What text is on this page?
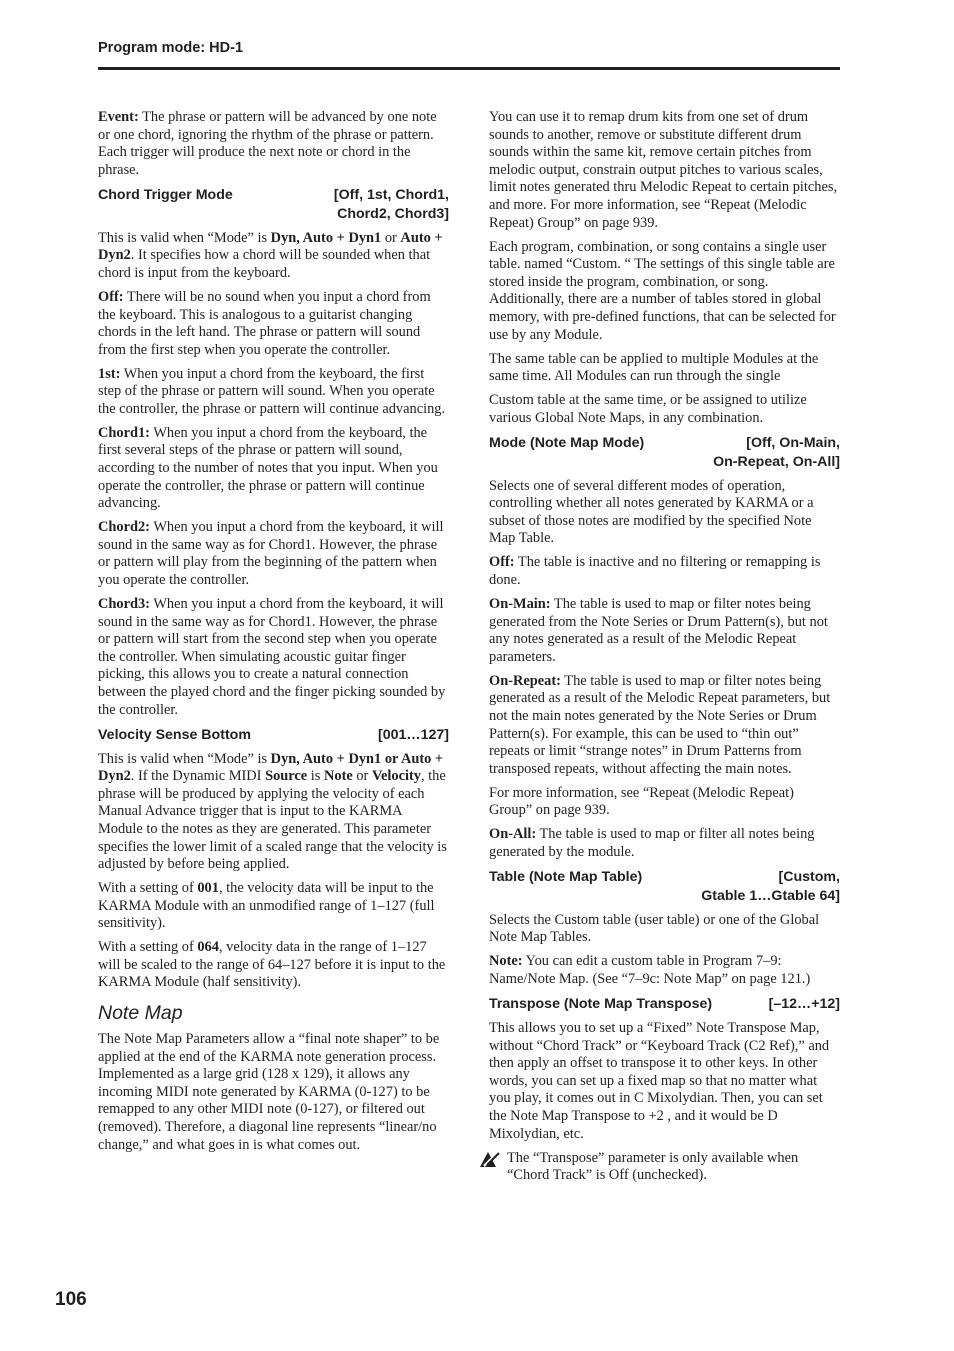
Program mode: HD-1

Event: The phrase or pattern will be advanced by one note or one chord, ignoring the rhythm of the phrase or pattern. Each trigger will produce the next note or chord in the phrase.

Chord Trigger Mode	[Off, 1st, Chord1,
Chord2, Chord3]

This is valid when “Mode” is Dyn, Auto + Dyn1 or Auto + Dyn2. It specifies how a chord will be sounded when that chord is input from the keyboard.

Off: There will be no sound when you input a chord from the keyboard. This is analogous to a guitarist changing chords in the left hand. The phrase or pattern will sound from the first step when you operate the controller.

1st: When you input a chord from the keyboard, the first step of the phrase or pattern will sound. When you operate the controller, the phrase or pattern will continue advancing.

Chord1: When you input a chord from the keyboard, the first several steps of the phrase or pattern will sound, according to the number of notes that you input. When you operate the controller, the phrase or pattern will continue advancing.

Chord2: When you input a chord from the keyboard, it will sound in the same way as for Chord1. However, the phrase or pattern will play from the beginning of the pattern when you operate the controller.

Chord3: When you input a chord from the keyboard, it will sound in the same way as for Chord1. However, the phrase or pattern will start from the second step when you operate the controller. When simulating acoustic guitar finger picking, this allows you to create a natural connection between the played chord and the finger picking sounded by the controller.

Velocity Sense Bottom	[001…127]

This is valid when “Mode” is Dyn, Auto + Dyn1 or Auto + Dyn2. If the Dynamic MIDI Source is Note or Velocity, the phrase will be produced by applying the velocity of each Manual Advance trigger that is input to the KARMA Module to the notes as they are generated. This parameter specifies the lower limit of a scaled range that the velocity is adjusted by before being applied.

With a setting of 001, the velocity data will be input to the KARMA Module with an unmodified range of 1–127 (full sensitivity).

With a setting of 064, velocity data in the range of 1–127 will be scaled to the range of 64–127 before it is input to the KARMA Module (half sensitivity).

Note Map

The Note Map Parameters allow a “final note shaper” to be applied at the end of the KARMA note generation process. Implemented as a large grid (128 x 129), it allows any incoming MIDI note generated by KARMA (0-127) to be remapped to any other MIDI note (0-127), or filtered out (removed). Therefore, a diagonal line represents “linear/no change,” and what goes in is what comes out.

You can use it to remap drum kits from one set of drum sounds to another, remove or substitute different drum sounds within the same kit, remove certain pitches from melodic output, constrain output pitches to various scales, limit notes generated thru Melodic Repeat to certain pitches, and more. For more information, see “Repeat (Melodic Repeat) Group” on page 939.

Each program, combination, or song contains a single user table. named “Custom. “ The settings of this single table are stored inside the program, combination, or song. Additionally, there are a number of tables stored in global memory, with pre-defined functions, that can be selected for use by any Module.

The same table can be applied to multiple Modules at the same time. All Modules can run through the single

Custom table at the same time, or be assigned to utilize various Global Note Maps, in any combination.

Mode (Note Map Mode)	[Off, On-Main,
On-Repeat, On-All]

Selects one of several different modes of operation, controlling whether all notes generated by KARMA or a subset of those notes are modified by the specified Note Map Table.

Off: The table is inactive and no filtering or remapping is done.

On-Main: The table is used to map or filter notes being generated from the Note Series or Drum Pattern(s), but not any notes generated as a result of the Melodic Repeat parameters.

On-Repeat: The table is used to map or filter notes being generated as a result of the Melodic Repeat parameters, but not the main notes generated by the Note Series or Drum Pattern(s). For example, this can be used to “thin out” repeats or limit “strange notes” in Drum Patterns from transposed repeats, without affecting the main notes.

For more information, see “Repeat (Melodic Repeat) Group” on page 939.

On-All: The table is used to map or filter all notes being generated by the module.

Table (Note Map Table)	[Custom,
Gtable 1…Gtable 64]

Selects the Custom table (user table) or one of the Global Note Map Tables.

Note: You can edit a custom table in Program 7–9: Name/Note Map. (See “7–9c: Note Map” on page 121.)

Transpose (Note Map Transpose)	[–12…+12]

This allows you to set up a “Fixed” Note Transpose Map, without “Chord Track” or “Keyboard Track (C2 Ref),” and then apply an offset to transpose it to other keys. In other words, you can set up a fixed map so that no matter what you play, it comes out in C Mixolydian. Then, you can set the Note Map Transpose to +2 , and it would be D Mixolydian, etc.

The “Transpose” parameter is only available when “Chord Track” is Off (unchecked).
106
